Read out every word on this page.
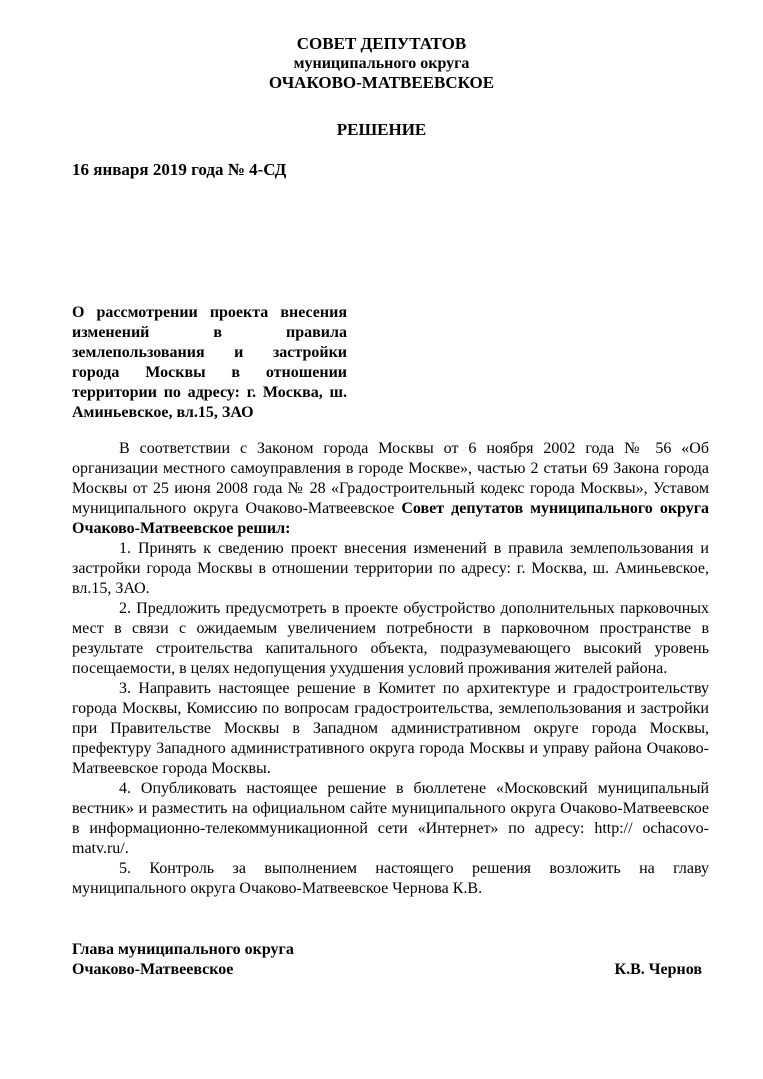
СОВЕТ ДЕПУТАТОВ
муниципального округа
ОЧАКОВО-МАТВЕЕВСКОЕ
РЕШЕНИЕ
16 января 2019 года № 4-СД
О рассмотрении проекта внесения изменений в правила землепользования и застройки города Москвы в отношении территории по адресу: г. Москва, ш. Аминьевское, вл.15, ЗАО

В соответствии с Законом города Москвы от 6 ноября 2002 года № 56 «Об организации местного самоуправления в городе Москве», частью 2 статьи 69 Закона города Москвы от 25 июня 2008 года № 28 «Градостроительный кодекс города Москвы», Уставом муниципального округа Очаково-Матвеевское Совет депутатов муниципального округа Очаково-Матвеевское решил:

1. Принять к сведению проект внесения изменений в правила землепользования и застройки города Москвы в отношении территории по адресу: г. Москва, ш. Аминьевское, вл.15, ЗАО.

2. Предложить предусмотреть в проекте обустройство дополнительных парковочных мест в связи с ожидаемым увеличением потребности в парковочном пространстве в результате строительства капитального объекта, подразумевающего высокий уровень посещаемости, в целях недопущения ухудшения условий проживания жителей района.

3. Направить настоящее решение в Комитет по архитектуре и градостроительству города Москвы, Комиссию по вопросам градостроительства, землепользования и застройки при Правительстве Москвы в Западном административном округе города Москвы, префектуру Западного административного округа города Москвы и управу района Очаково-Матвеевское города Москвы.

4. Опубликовать настоящее решение в бюллетене «Московский муниципальный вестник» и разместить на официальном сайте муниципального округа Очаково-Матвеевское в информационно-телекоммуникационной сети «Интернет» по адресу: http:// ochacovo-matv.ru/.

5. Контроль за выполнением настоящего решения возложить на главу муниципального округа Очаково-Матвеевское Чернова К.В.

Глава муниципального округа
Очаково-Матвеевское	К.В. Чернов
